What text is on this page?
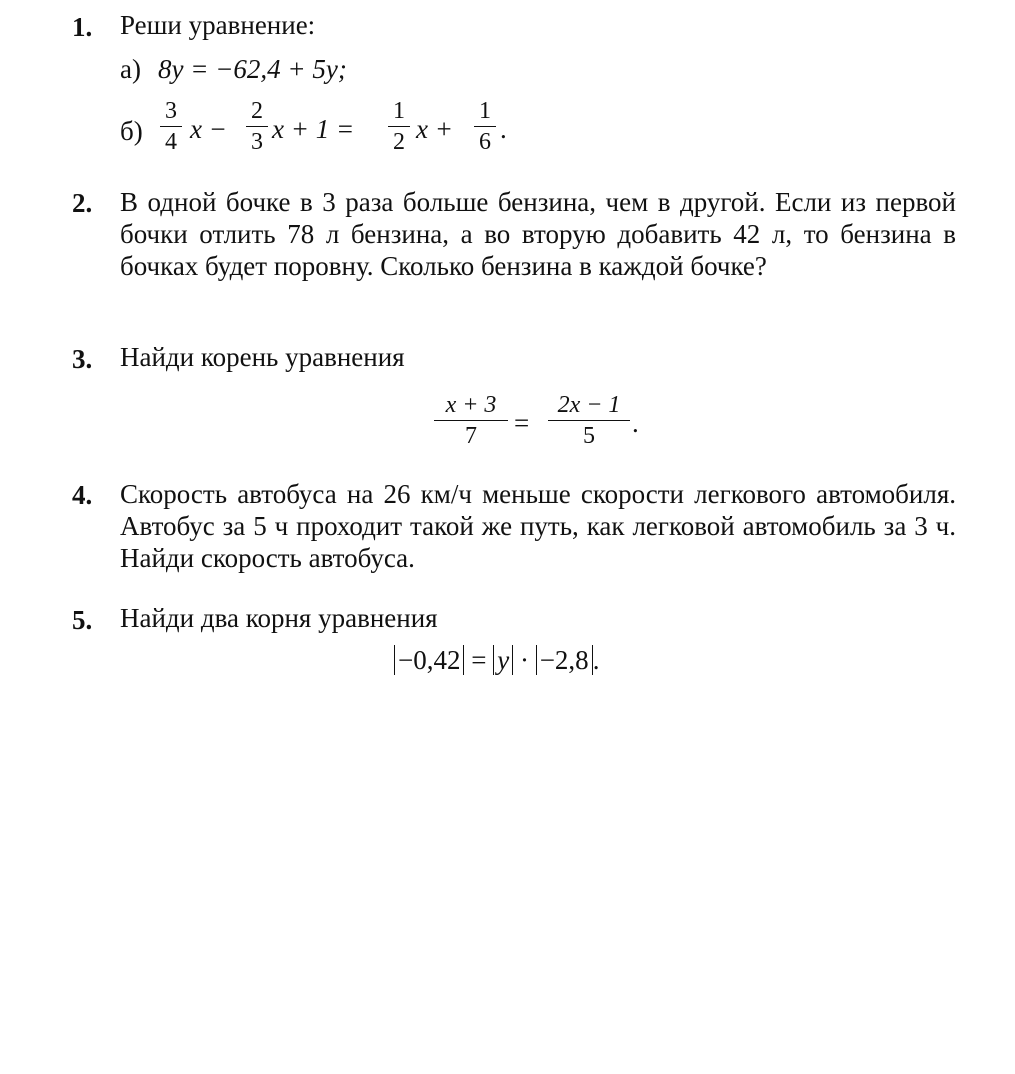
1.	Реши уравнение:
а) 8y = −62,4 + 5y;
б)
3
4 x −
2
3 x + 1 =
1
2 x +
1
6 .
2.	В одной бочке в 3 раза больше бензина, чем в другой. Если из первой бочки отлить 78 л бензина, а во вторую добавить 42 л, то бензина в бочках будет поровну. Сколько бензина в каждой бочке?
3.	Найди корень уравнения
x + 3
7	=
2x − 1
5	.
4.	Скорость автобуса на 26 км/ч меньше скорости легкового автомобиля. Автобус за 5 ч проходит такой же путь, как легковой автомобиль за 3 ч. Найди скорость автобуса.
5.	Найди два корня уравнения
−0,42 = y · −2,8 .
